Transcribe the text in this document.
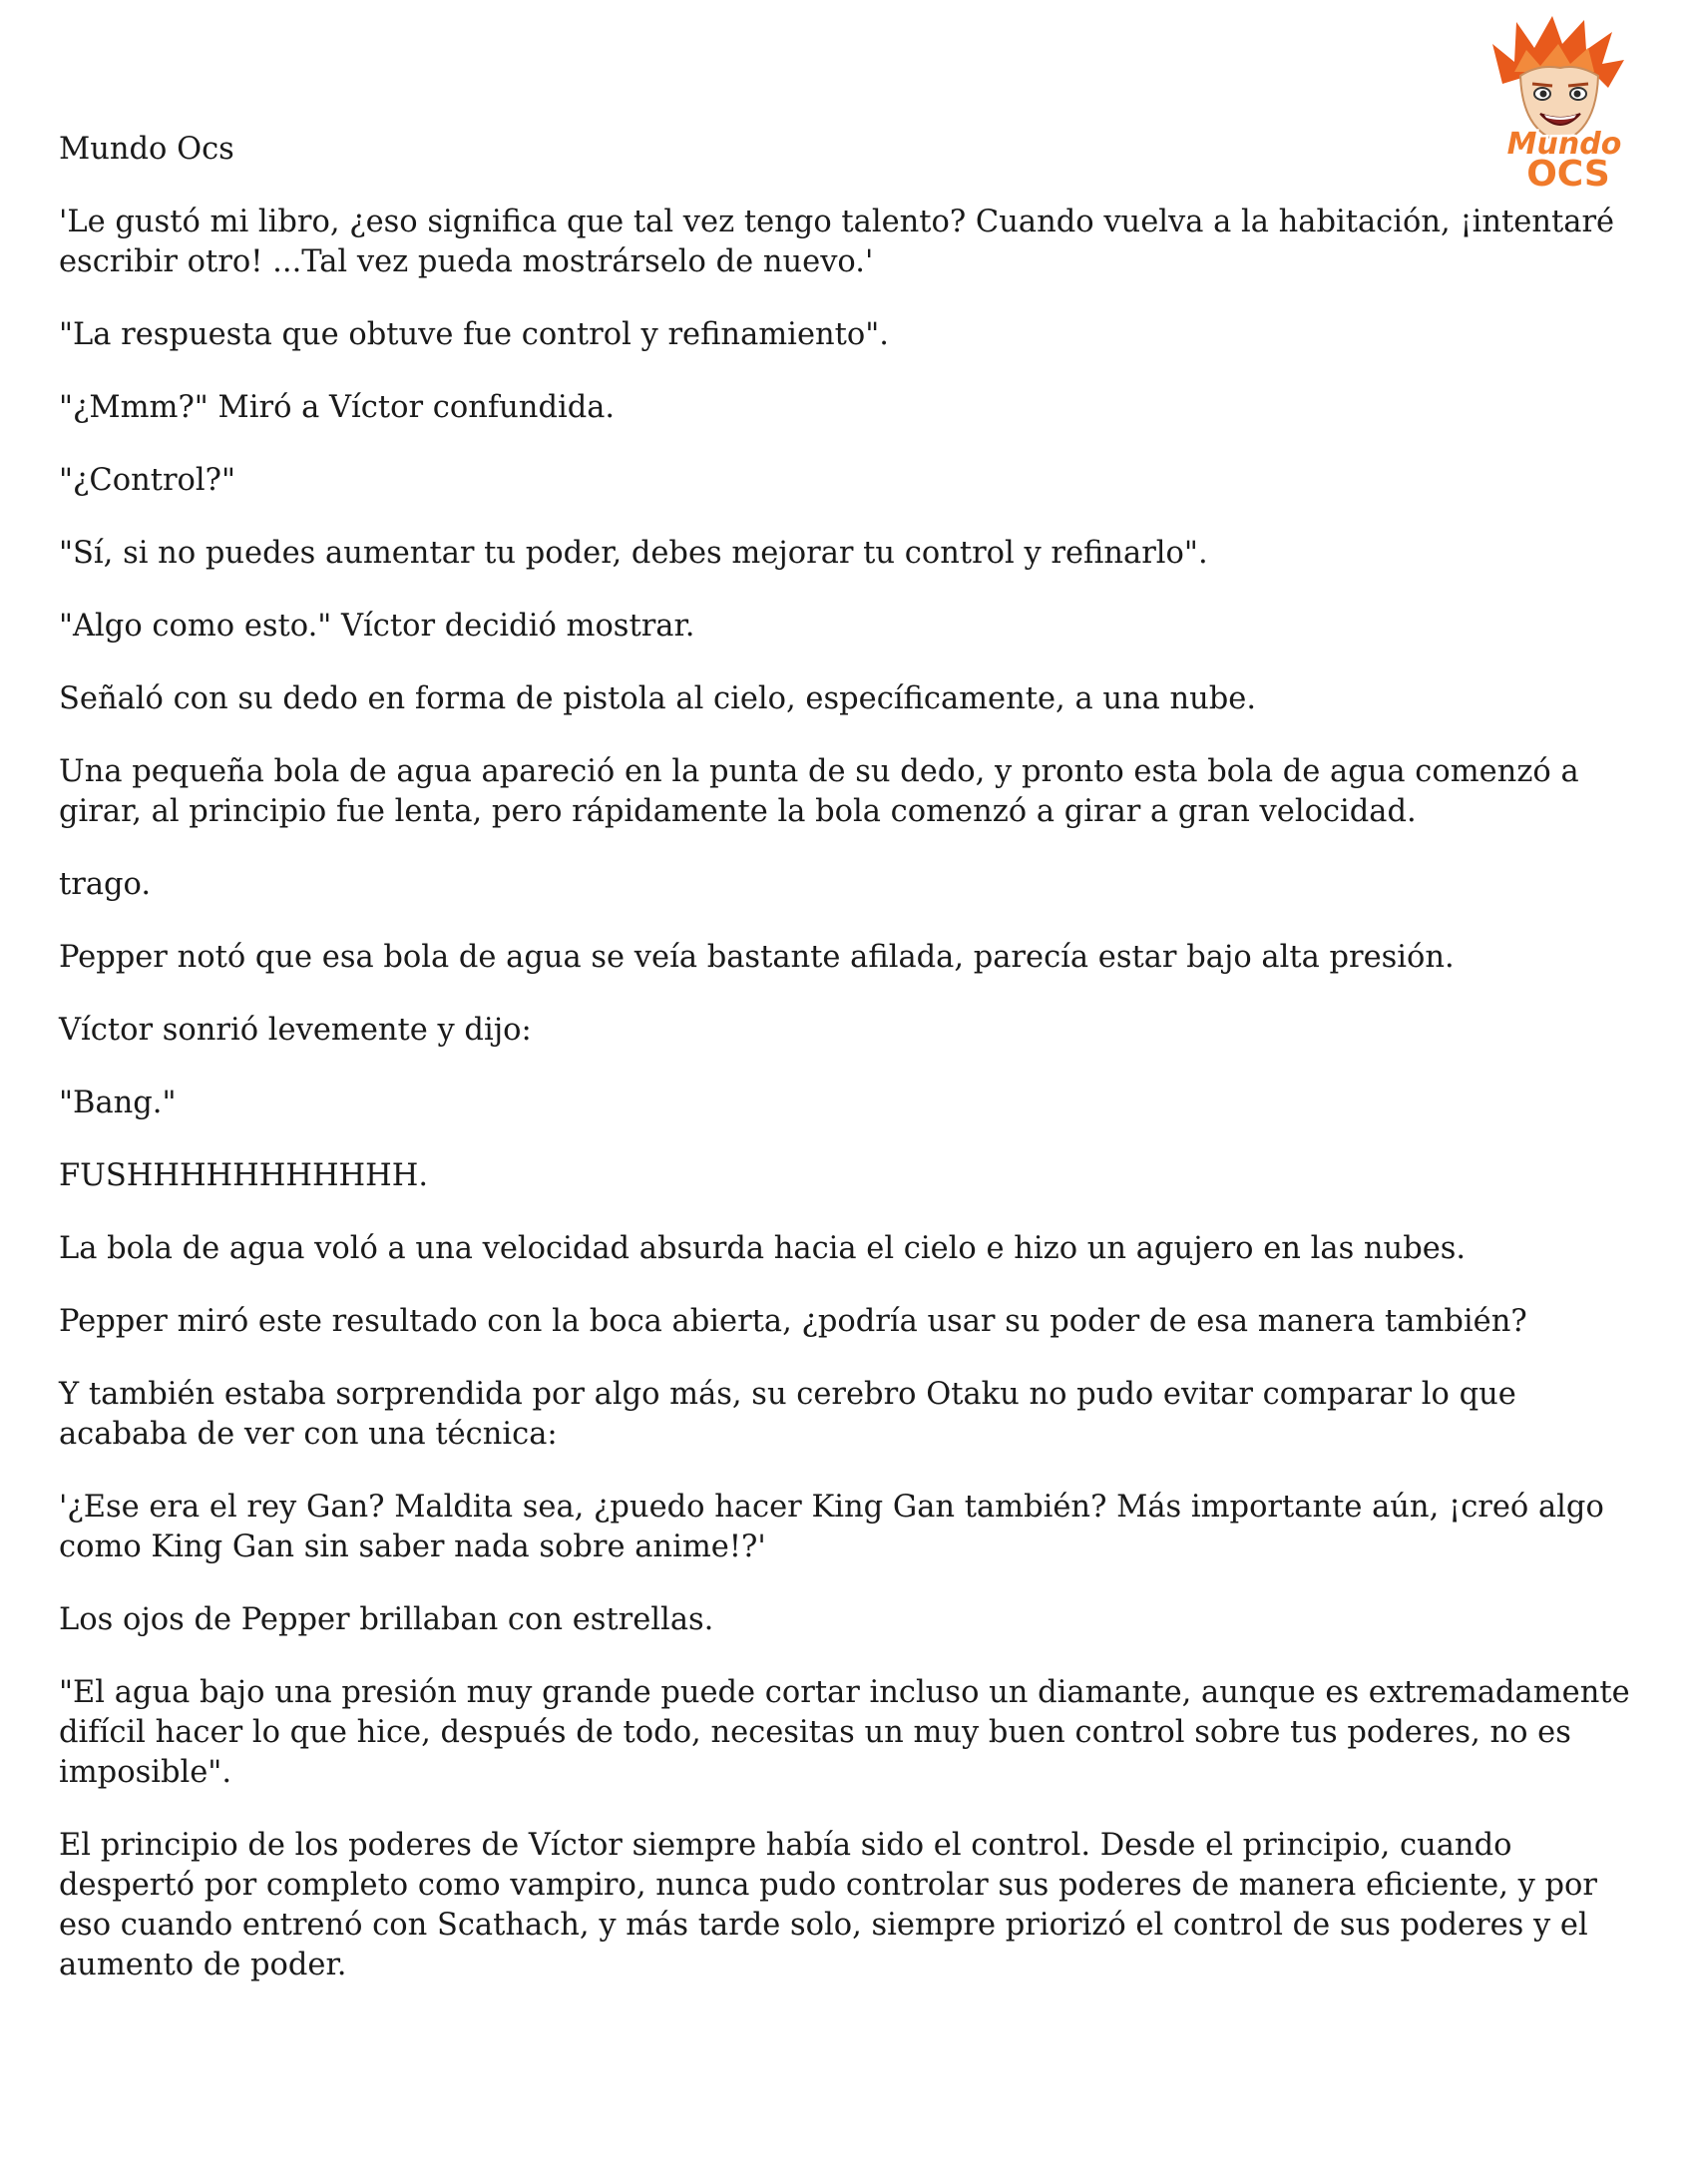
Mundo
OCS

Mundo Ocs

'Le gustó mi libro, ¿eso significa que tal vez tengo talento? Cuando vuelva a la habitación, ¡intentaré escribir otro! ...Tal vez pueda mostrárselo de nuevo.'

"La respuesta que obtuve fue control y refinamiento".

"¿Mmm?" Miró a Víctor confundida.

"¿Control?"

"Sí, si no puedes aumentar tu poder, debes mejorar tu control y refinarlo".

"Algo como esto." Víctor decidió mostrar.

Señaló con su dedo en forma de pistola al cielo, específicamente, a una nube.

Una pequeña bola de agua apareció en la punta de su dedo, y pronto esta bola de agua comenzó a girar, al principio fue lenta, pero rápidamente la bola comenzó a girar a gran velocidad.

trago.

Pepper notó que esa bola de agua se veía bastante afilada, parecía estar bajo alta presión.

Víctor sonrió levemente y dijo:

"Bang."

FUSHHHHHHHHHHH.

La bola de agua voló a una velocidad absurda hacia el cielo e hizo un agujero en las nubes.

Pepper miró este resultado con la boca abierta, ¿podría usar su poder de esa manera también?

Y también estaba sorprendida por algo más, su cerebro Otaku no pudo evitar comparar lo que acababa de ver con una técnica:

'¿Ese era el rey Gan? Maldita sea, ¿puedo hacer King Gan también? Más importante aún, ¡creó algo como King Gan sin saber nada sobre anime!?'

Los ojos de Pepper brillaban con estrellas.

"El agua bajo una presión muy grande puede cortar incluso un diamante, aunque es extremadamente difícil hacer lo que hice, después de todo, necesitas un muy buen control sobre tus poderes, no es imposible".

El principio de los poderes de Víctor siempre había sido el control. Desde el principio, cuando despertó por completo como vampiro, nunca pudo controlar sus poderes de manera eficiente, y por eso cuando entrenó con Scathach, y más tarde solo, siempre priorizó el control de sus poderes y el aumento de poder.
